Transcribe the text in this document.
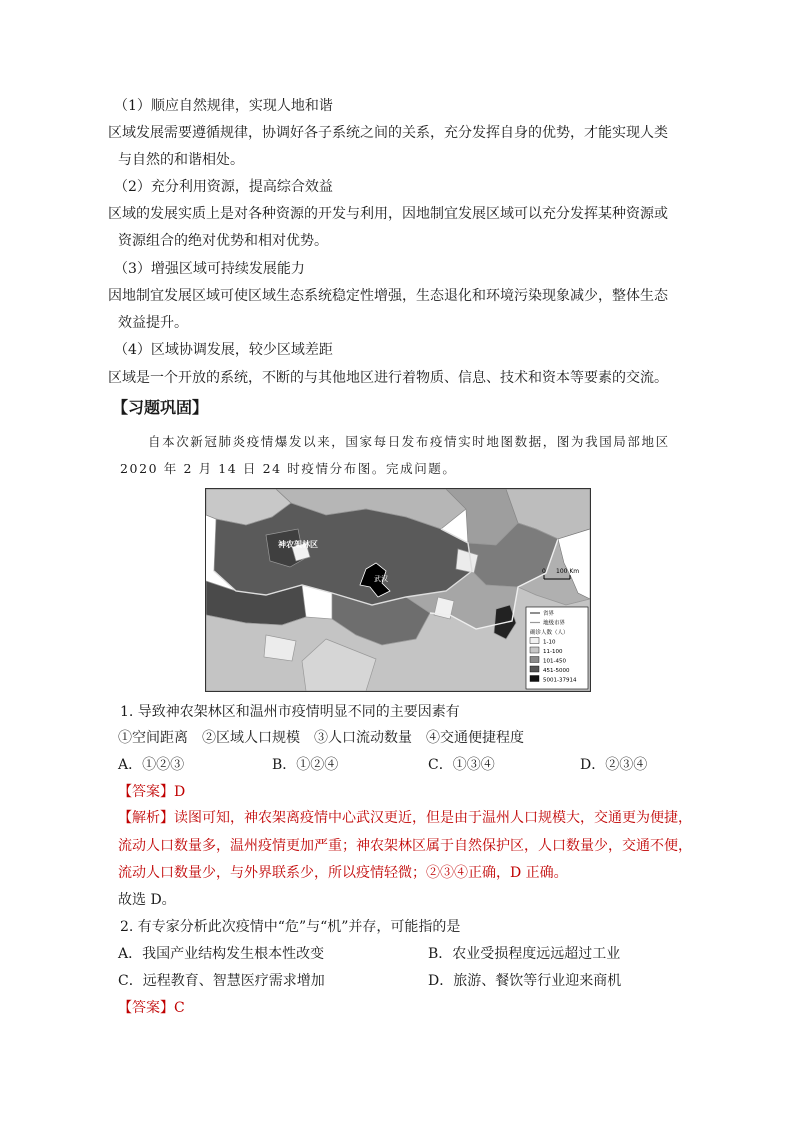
（1）顺应自然规律，实现人地和谐
区域发展需要遵循规律，协调好各子系统之间的关系，充分发挥自身的优势，才能实现人类
与自然的和谐相处。
（2）充分利用资源，提高综合效益
区域的发展实质上是对各种资源的开发与利用，因地制宜发展区域可以充分发挥某种资源或
资源组合的绝对优势和相对优势。
（3）增强区域可持续发展能力
因地制宜发展区域可使区域生态系统稳定性增强，生态退化和环境污染现象减少，整体生态
效益提升。
（4）区域协调发展，较少区域差距
区域是一个开放的系统，不断的与其他地区进行着物质、信息、技术和资本等要素的交流。
【习题巩固】
自本次新冠肺炎疫情爆发以来，国家每日发布疫情实时地图数据，图为我国局部地区
2020 年 2 月 14 日 24 时疫情分布图。完成问题。
0 100 Km
神农架林区
武汉
省界
地级市界
确诊人数（人）
1-10
11-100
101-450
451-5000
5001-37914
1. 导致神农架林区和温州市疫情明显不同的主要因素有
①空间距离　②区域人口规模　③人口流动数量　④交通便捷程度
A．①②③	B．①②④	C．①③④	D．②③④
【答案】D
【解析】读图可知，神农架离疫情中心武汉更近，但是由于温州人口规模大，交通更为便捷，
流动人口数量多，温州疫情更加严重；神农架林区属于自然保护区，人口数量少，交通不便，
流动人口数量少，与外界联系少，所以疫情轻微；②③④正确，D 正确。
故选 D。
2. 有专家分析此次疫情中“危”与“机”并存，可能指的是
A．我国产业结构发生根本性改变	B．农业受损程度远远超过工业
C．远程教育、智慧医疗需求增加	D．旅游、餐饮等行业迎来商机
【答案】C
